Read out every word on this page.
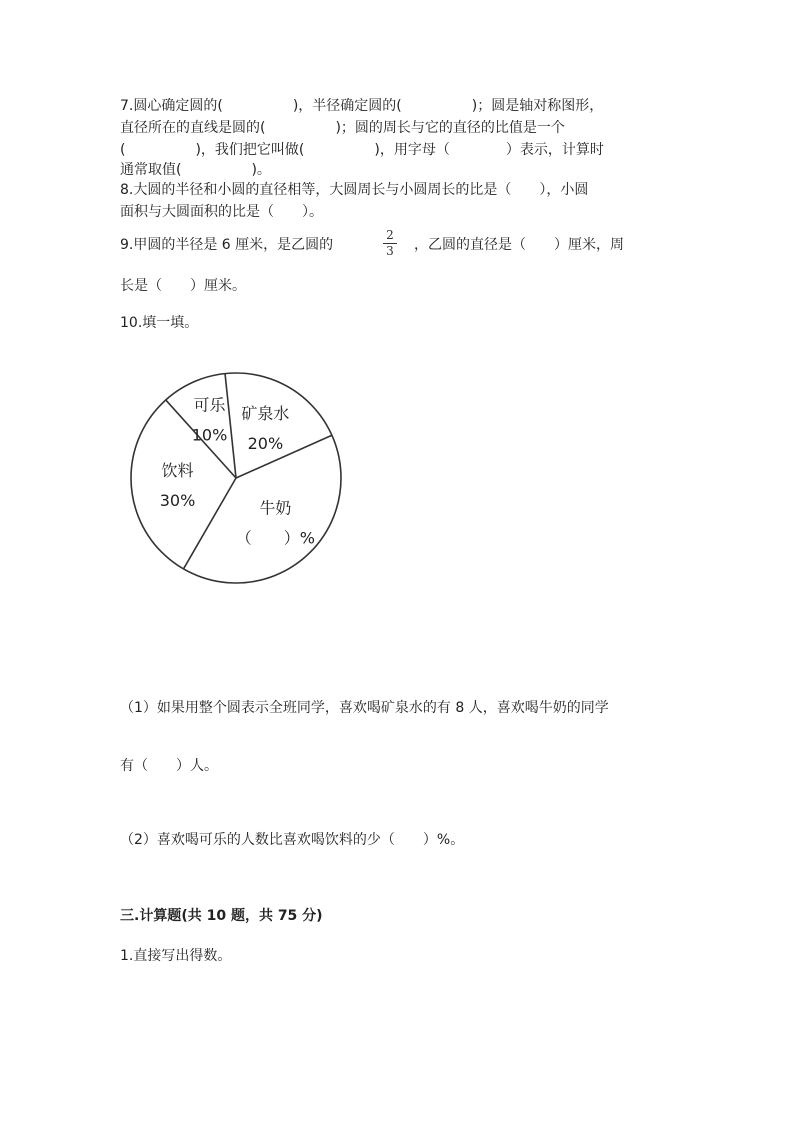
7.圆心确定圆的(　　　　　)，半径确定圆的(　　　　　)；圆是轴对称图形，
直径所在的直线是圆的(　　　　　)；圆的周长与它的直径的比值是一个
(　　　　　)，我们把它叫做(　　　　　)，用字母（　　　　）表示，计算时
通常取值(　　　　　)。
8.大圆的半径和小圆的直径相等，大圆周长与小圆周长的比是（　　），小圆
面积与大圆面积的比是（　　）。
9.甲圆的半径是 6 厘米，是乙圆的	$\frac{2}{3}$ ，乙圆的直径是（　　）厘米，周
长是（　　）厘米。
10.填一填。
可乐
10%
矿泉水
20%
牛奶
（　　）%
饮料
30%
（1）如果用整个圆表示全班同学，喜欢喝矿泉水的有 8 人，喜欢喝牛奶的同学
有（　　）人。
（2）喜欢喝可乐的人数比喜欢喝饮料的少（　　）%。
三.计算题(共 10 题，共 75 分)
1.直接写出得数。
